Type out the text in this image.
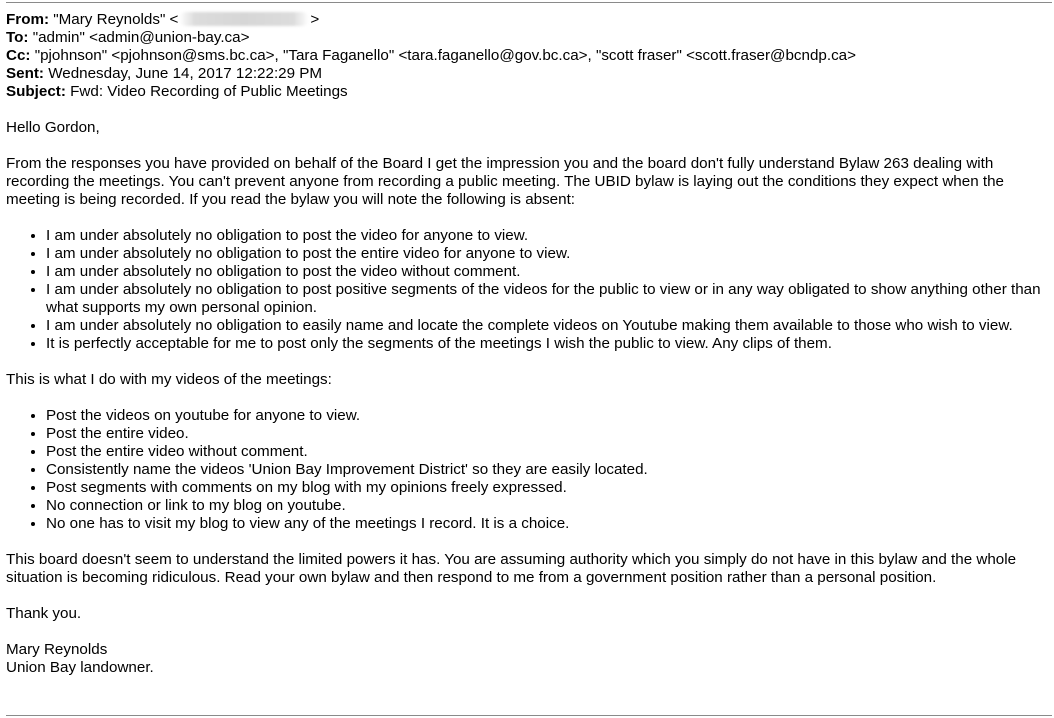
From: "Mary Reynolds" <	>
To: "admin" <admin@union-bay.ca>
Cc: "pjohnson" <pjohnson@sms.bc.ca>, "Tara Faganello" <tara.faganello@gov.bc.ca>, "scott fraser" <scott.fraser@bcndp.ca>
Sent: Wednesday, June 14, 2017 12:22:29 PM
Subject: Fwd: Video Recording of Public Meetings

Hello Gordon,

From the responses you have provided on behalf of the Board I get the impression you and the board don't fully understand Bylaw 263 dealing with recording the meetings. You can't prevent anyone from recording a public meeting. The UBID bylaw is laying out the conditions they expect when the meeting is being recorded. If you read the bylaw you will note the following is absent:

• I am under absolutely no obligation to post the video for anyone to view.
• I am under absolutely no obligation to post the entire video for anyone to view.
• I am under absolutely no obligation to post the video without comment.
• I am under absolutely no obligation to post positive segments of the videos for the public to view or in any way obligated to show anything other than what supports my own personal opinion.
• I am under absolutely no obligation to easily name and locate the complete videos on Youtube making them available to those who wish to view.
• It is perfectly acceptable for me to post only the segments of the meetings I wish the public to view. Any clips of them.

This is what I do with my videos of the meetings:

• Post the videos on youtube for anyone to view.
• Post the entire video.
• Post the entire video without comment.
• Consistently name the videos 'Union Bay Improvement District' so they are easily located.
• Post segments with comments on my blog with my opinions freely expressed.
• No connection or link to my blog on youtube.
• No one has to visit my blog to view any of the meetings I record. It is a choice.

This board doesn't seem to understand the limited powers it has. You are assuming authority which you simply do not have in this bylaw and the whole situation is becoming ridiculous. Read your own bylaw and then respond to me from a government position rather than a personal position.

Thank you.

Mary Reynolds
Union Bay landowner.
